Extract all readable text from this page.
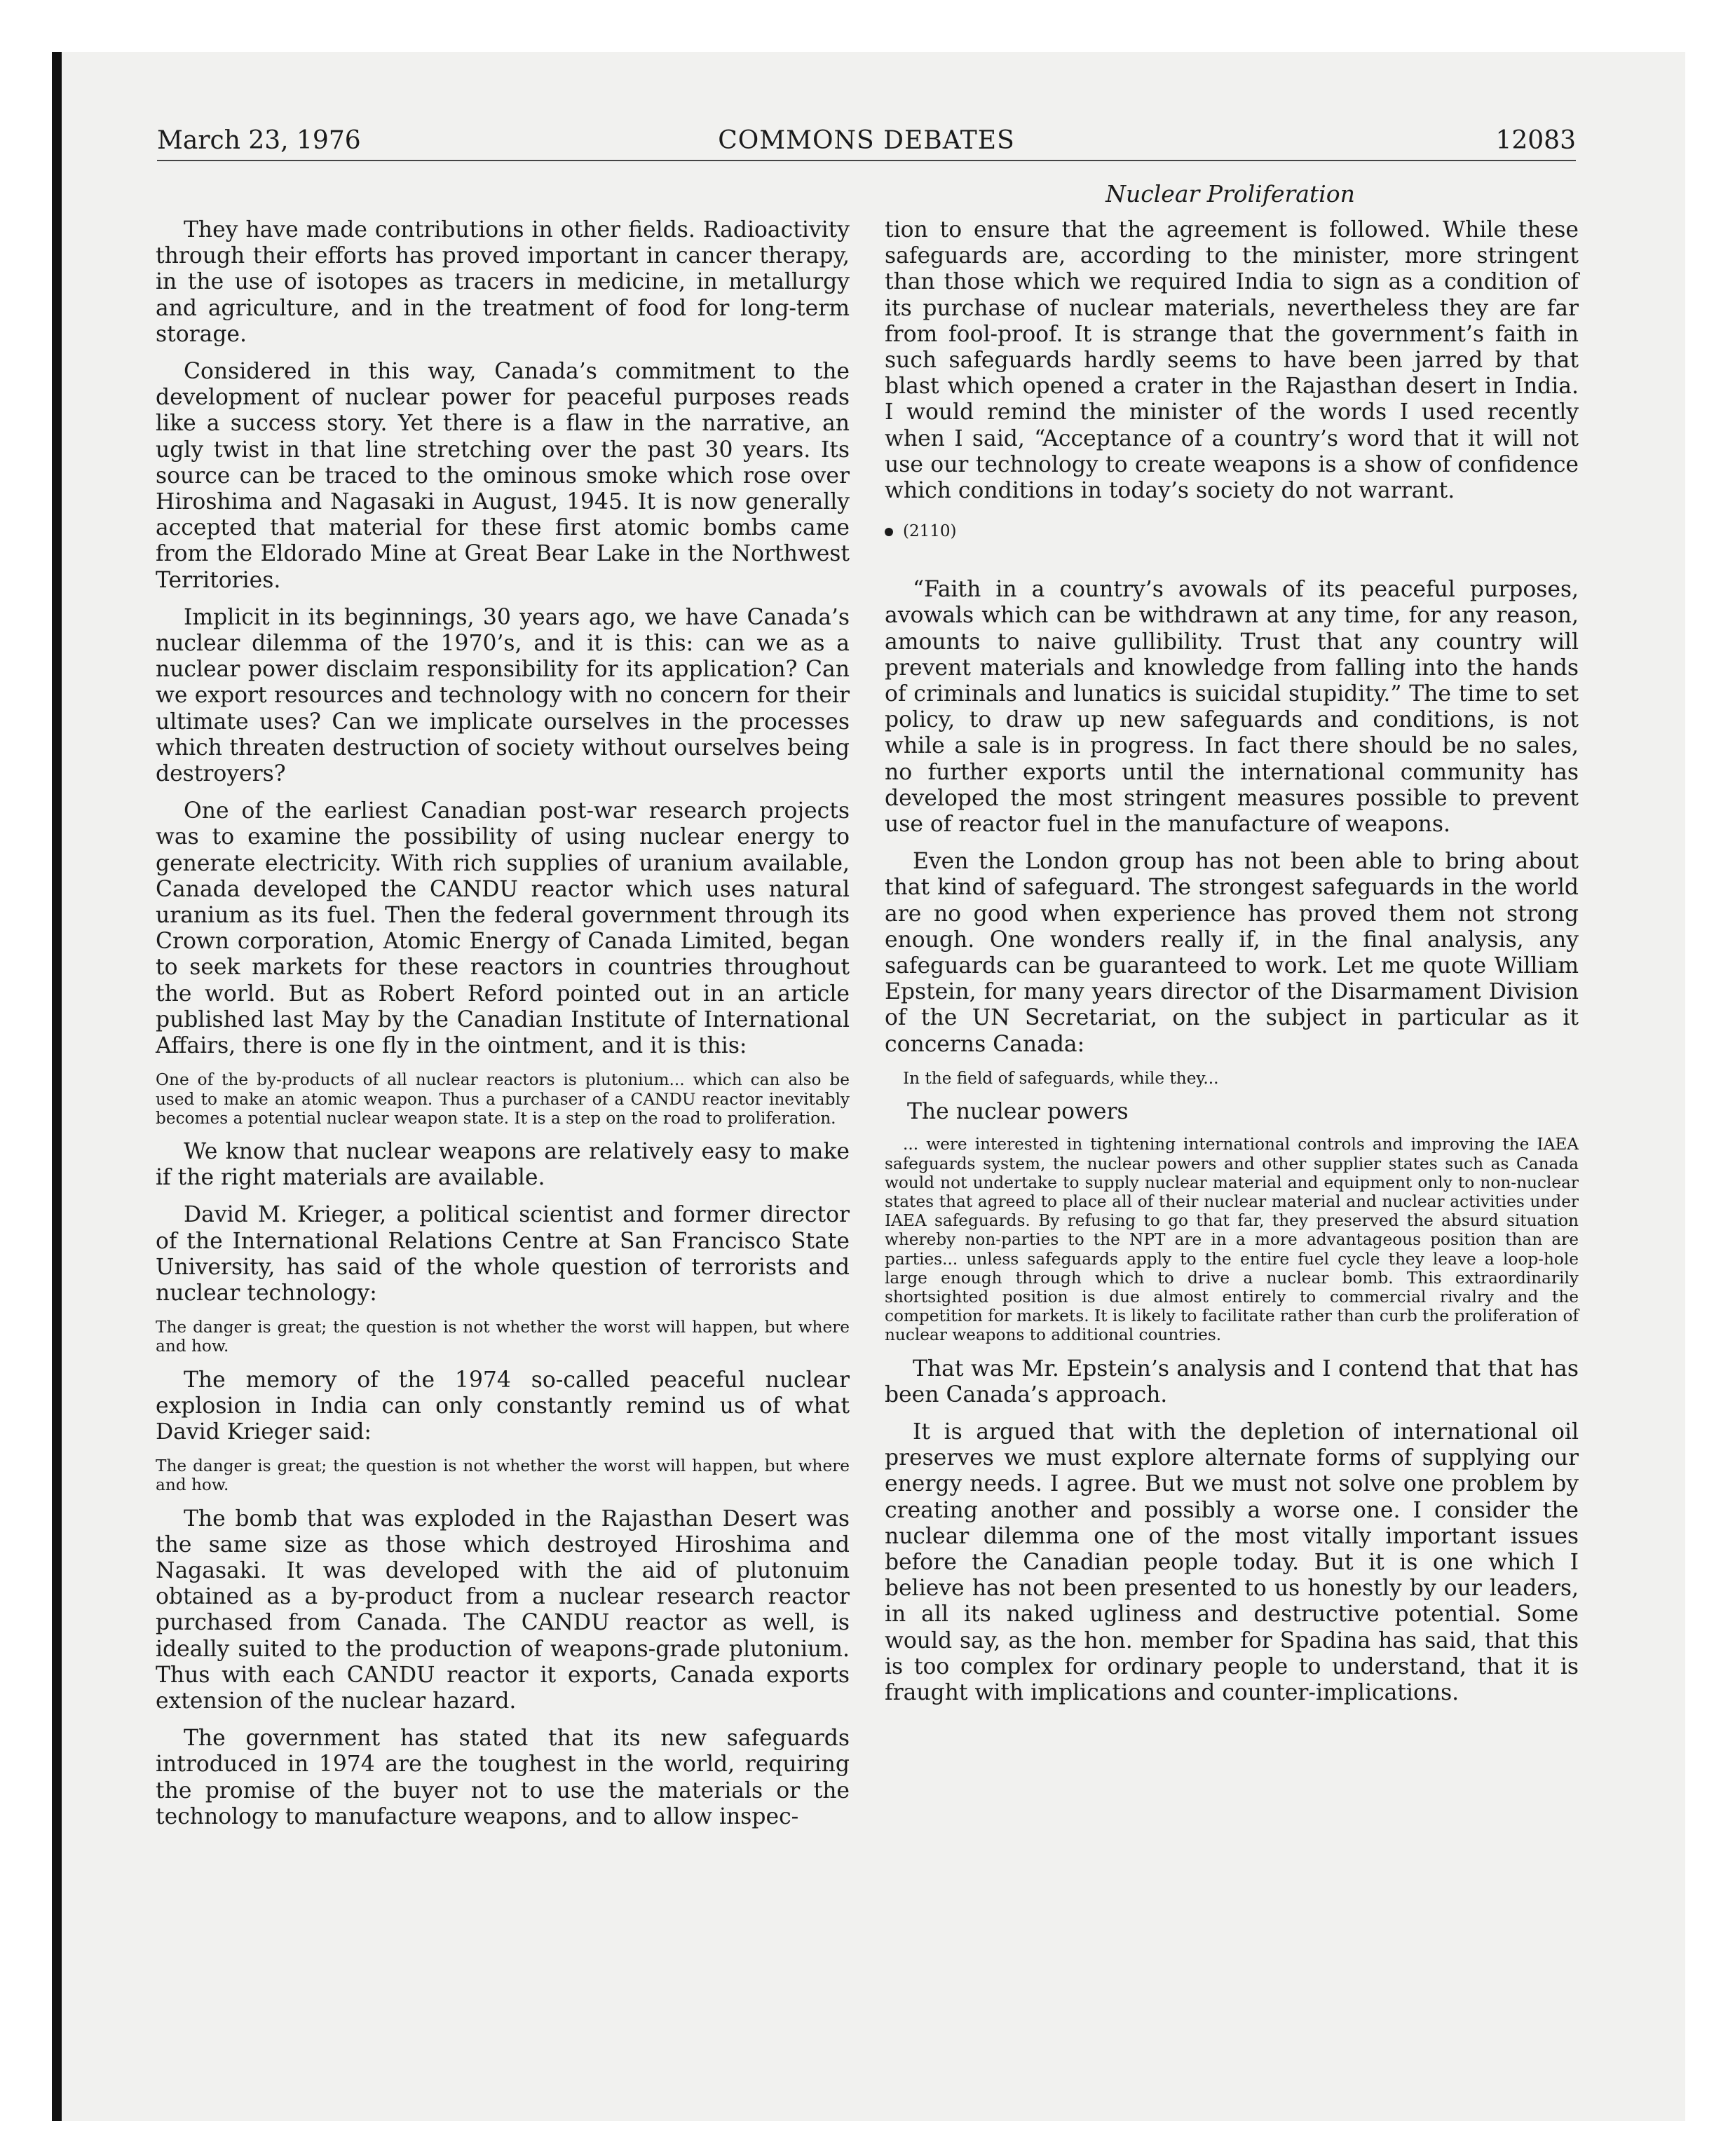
March 23, 1976	COMMONS DEBATES	12083
Nuclear Proliferation

They have made contributions in other fields. Radioactivity through their efforts has proved important in cancer therapy, in the use of isotopes as tracers in medicine, in metallurgy and agriculture, and in the treatment of food for long-term storage.

Considered in this way, Canada’s commitment to the development of nuclear power for peaceful purposes reads like a success story. Yet there is a flaw in the narrative, an ugly twist in that line stretching over the past 30 years. Its source can be traced to the ominous smoke which rose over Hiroshima and Nagasaki in August, 1945. It is now generally accepted that material for these first atomic bombs came from the Eldorado Mine at Great Bear Lake in the Northwest Territories.

Implicit in its beginnings, 30 years ago, we have Canada’s nuclear dilemma of the 1970’s, and it is this: can we as a nuclear power disclaim responsibility for its application? Can we export resources and technology with no concern for their ultimate uses? Can we implicate ourselves in the processes which threaten destruction of society without ourselves being destroyers?

One of the earliest Canadian post-war research projects was to examine the possibility of using nuclear energy to generate electricity. With rich supplies of uranium available, Canada developed the CANDU reactor which uses natural uranium as its fuel. Then the federal government through its Crown corporation, Atomic Energy of Canada Limited, began to seek markets for these reactors in countries throughout the world. But as Robert Reford pointed out in an article published last May by the Canadian Institute of International Affairs, there is one fly in the ointment, and it is this:

One of the by-products of all nuclear reactors is plutonium... which can also be used to make an atomic weapon. Thus a purchaser of a CANDU reactor inevitably becomes a potential nuclear weapon state. It is a step on the road to proliferation.

We know that nuclear weapons are relatively easy to make if the right materials are available.

David M. Krieger, a political scientist and former director of the International Relations Centre at San Francisco State University, has said of the whole question of terrorists and nuclear technology:

The danger is great; the question is not whether the worst will happen, but where and how.

The memory of the 1974 so-called peaceful nuclear explosion in India can only constantly remind us of what David Krieger said:

The danger is great; the question is not whether the worst will happen, but where and how.

The bomb that was exploded in the Rajasthan Desert was the same size as those which destroyed Hiroshima and Nagasaki. It was developed with the aid of plutonuim obtained as a by-product from a nuclear research reactor purchased from Canada. The CANDU reactor as well, is ideally suited to the production of weapons-grade plutonium. Thus with each CANDU reactor it exports, Canada exports extension of the nuclear hazard.

The government has stated that its new safeguards introduced in 1974 are the toughest in the world, requiring the promise of the buyer not to use the materials or the technology to manufacture weapons, and to allow inspec-

tion to ensure that the agreement is followed. While these safeguards are, according to the minister, more stringent than those which we required India to sign as a condition of its purchase of nuclear materials, nevertheless they are far from fool-proof. It is strange that the government’s faith in such safeguards hardly seems to have been jarred by that blast which opened a crater in the Rajasthan desert in India. I would remind the minister of the words I used recently when I said, “Acceptance of a country’s word that it will not use our technology to create weapons is a show of confidence which conditions in today’s society do not warrant.

(2110)

“Faith in a country’s avowals of its peaceful purposes, avowals which can be withdrawn at any time, for any reason, amounts to naive gullibility. Trust that any country will prevent materials and knowledge from falling into the hands of criminals and lunatics is suicidal stupidity.” The time to set policy, to draw up new safeguards and conditions, is not while a sale is in progress. In fact there should be no sales, no further exports until the international community has developed the most stringent measures possible to prevent use of reactor fuel in the manufacture of weapons.

Even the London group has not been able to bring about that kind of safeguard. The strongest safeguards in the world are no good when experience has proved them not strong enough. One wonders really if, in the final analysis, any safeguards can be guaranteed to work. Let me quote William Epstein, for many years director of the Disarmament Division of the UN Secretariat, on the subject in particular as it concerns Canada:

In the field of safeguards, while they...

The nuclear powers

... were interested in tightening international controls and improving the IAEA safeguards system, the nuclear powers and other supplier states such as Canada would not undertake to supply nuclear material and equipment only to non-nuclear states that agreed to place all of their nuclear material and nuclear activities under IAEA safeguards. By refusing to go that far, they preserved the absurd situation whereby non-parties to the NPT are in a more advantageous position than are parties... unless safeguards apply to the entire fuel cycle they leave a loop-hole large enough through which to drive a nuclear bomb. This extraordinarily shortsighted position is due almost entirely to commercial rivalry and the competition for markets. It is likely to facilitate rather than curb the proliferation of nuclear weapons to additional countries.

That was Mr. Epstein’s analysis and I contend that that has been Canada’s approach.

It is argued that with the depletion of international oil preserves we must explore alternate forms of supplying our energy needs. I agree. But we must not solve one problem by creating another and possibly a worse one. I consider the nuclear dilemma one of the most vitally important issues before the Canadian people today. But it is one which I believe has not been presented to us honestly by our leaders, in all its naked ugliness and destructive potential. Some would say, as the hon. member for Spadina has said, that this is too complex for ordinary people to understand, that it is fraught with implications and counter-implications.
